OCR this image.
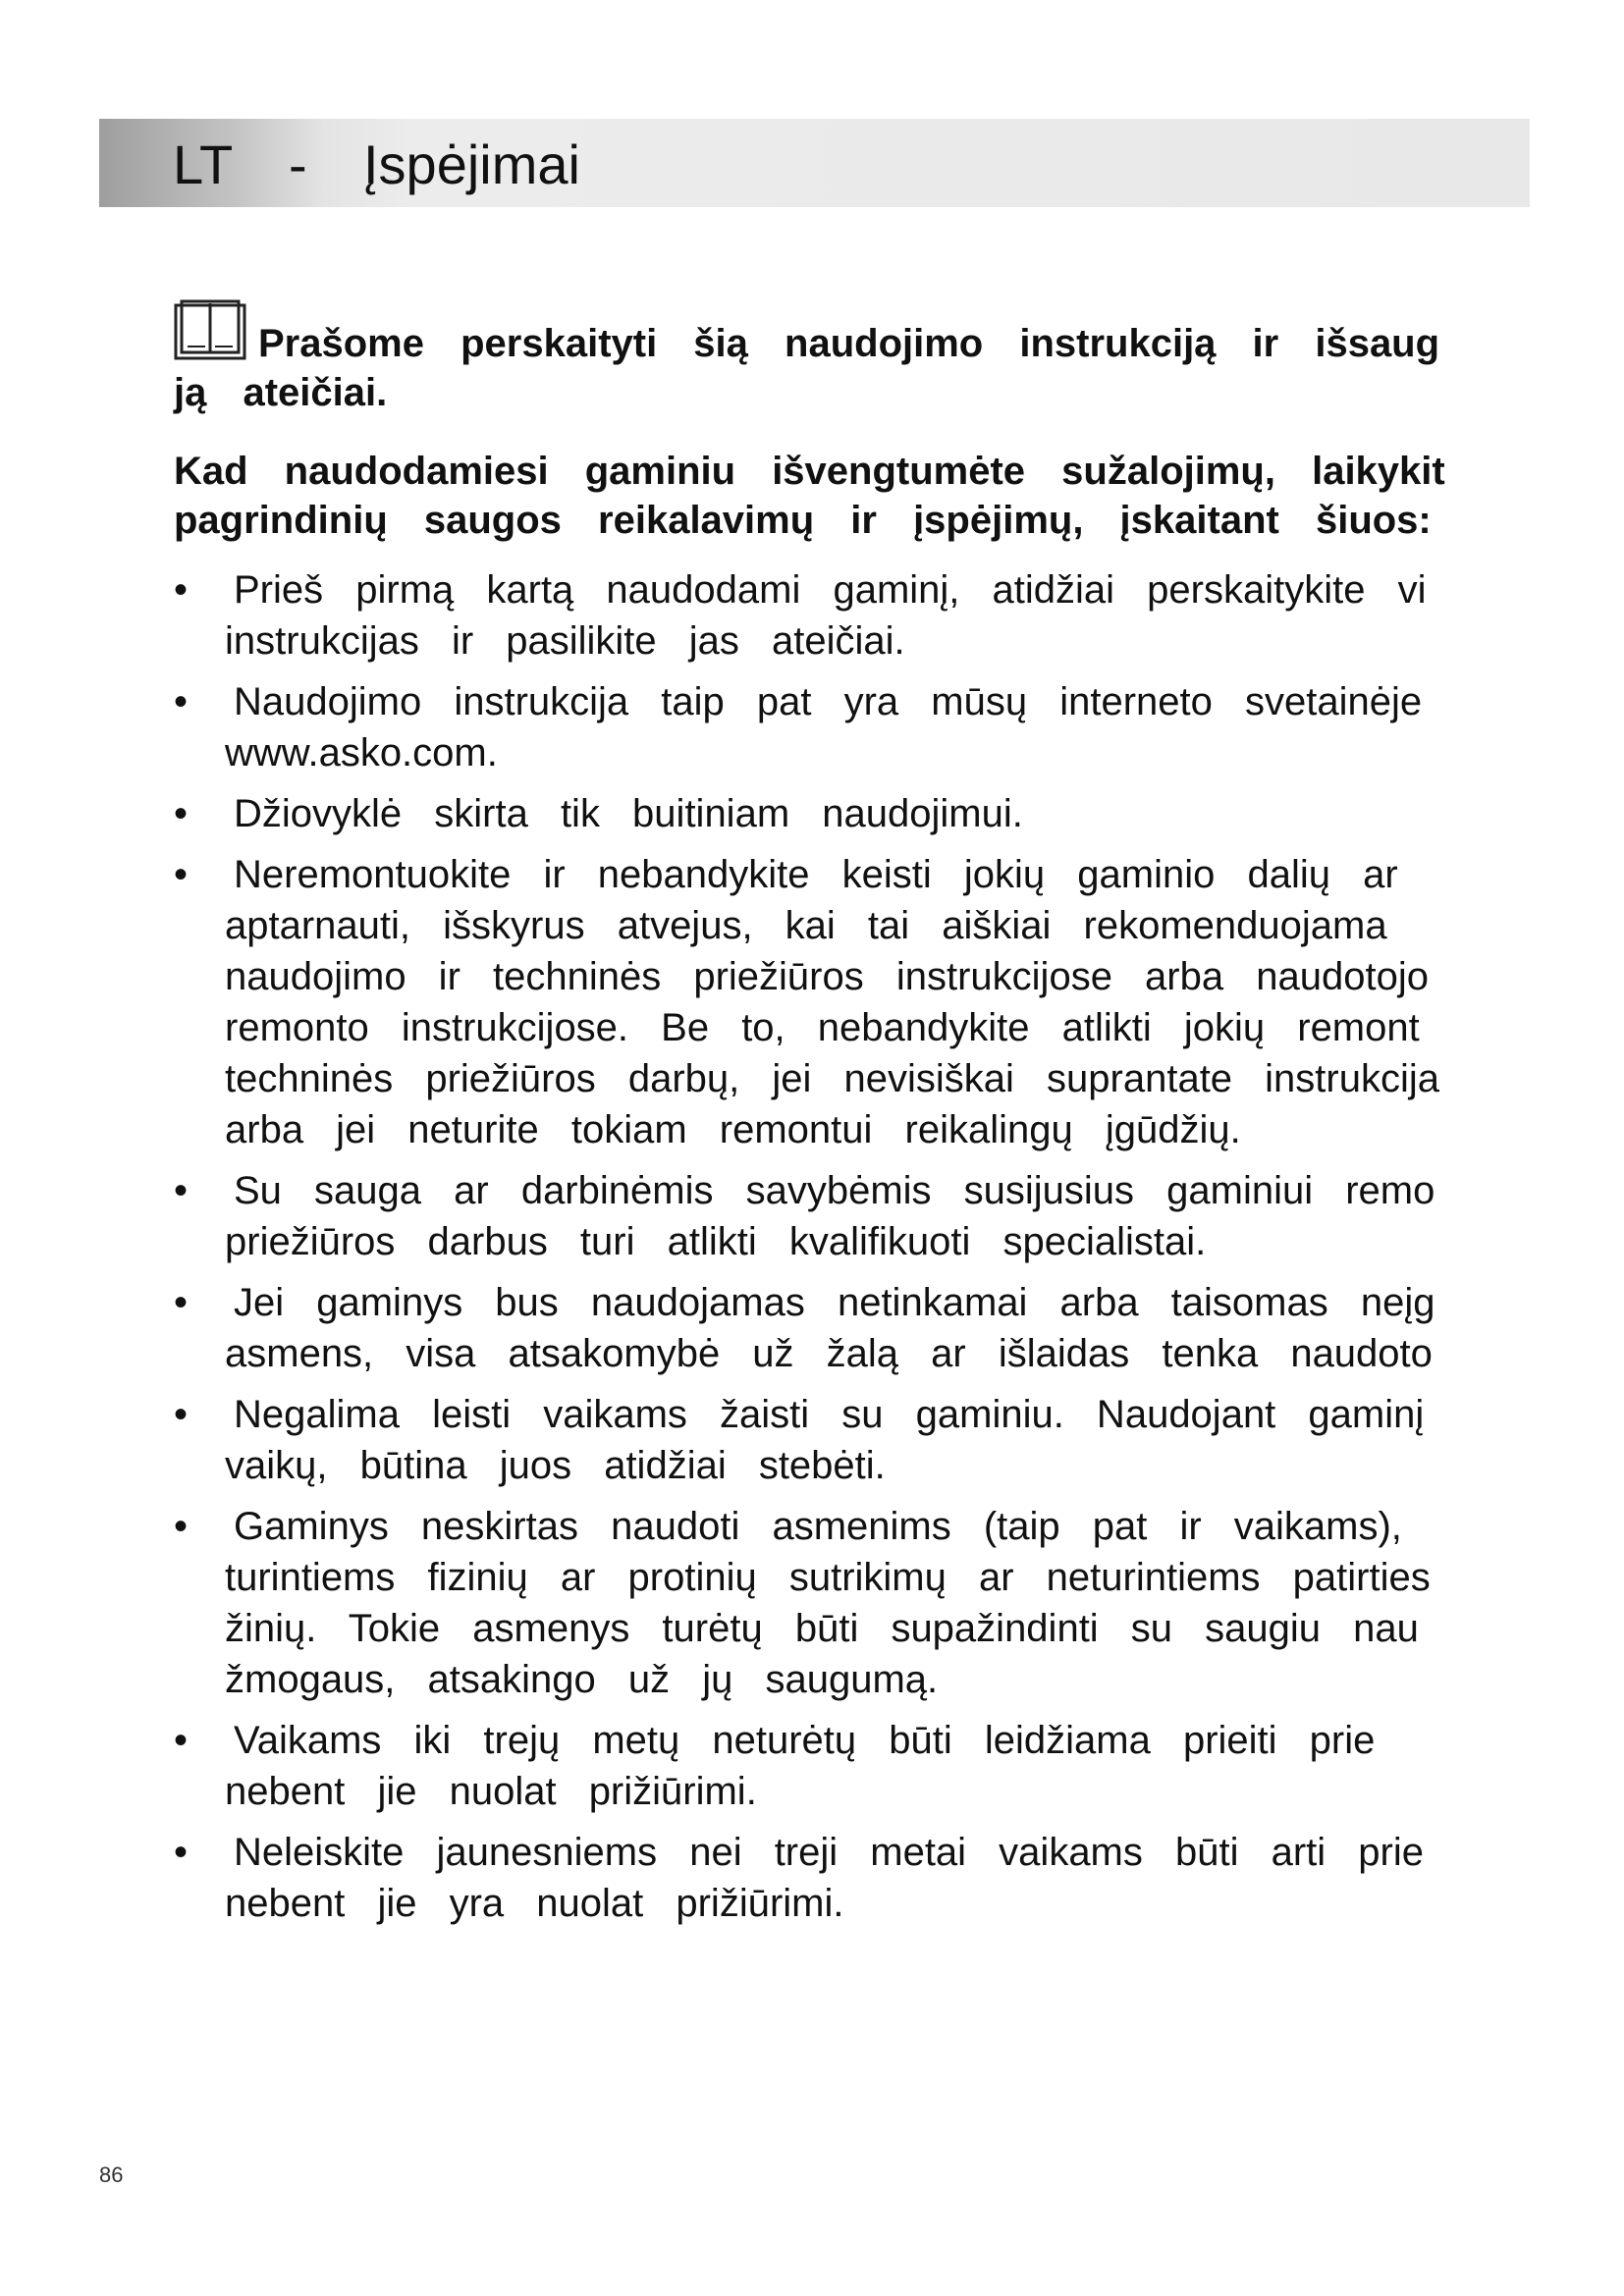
LT - Įspėjimai
Prašome perskaityti šią naudojimo instrukciją ir išsaug
ją ateičiai.
Kad naudodamiesi gaminiu išvengtumėte sužalojimų, laikykit
pagrindinių saugos reikalavimų ir įspėjimų, įskaitant šiuos:
• Prieš pirmą kartą naudodami gaminį, atidžiai perskaitykite vi
instrukcijas ir pasilikite jas ateičiai.
• Naudojimo instrukcija taip pat yra mūsų interneto svetainėje
www.asko.com.
• Džiovyklė skirta tik buitiniam naudojimui.
• Neremontuokite ir nebandykite keisti jokių gaminio dalių ar
aptarnauti, išskyrus atvejus, kai tai aiškiai rekomenduojama
naudojimo ir techninės priežiūros instrukcijose arba naudotojo
remonto instrukcijose. Be to, nebandykite atlikti jokių remont
techninės priežiūros darbų, jei nevisiškai suprantate instrukcija
arba jei neturite tokiam remontui reikalingų įgūdžių.
• Su sauga ar darbinėmis savybėmis susijusius gaminiui remo
priežiūros darbus turi atlikti kvalifikuoti specialistai.
• Jei gaminys bus naudojamas netinkamai arba taisomas neįg
asmens, visa atsakomybė už žalą ar išlaidas tenka naudoto
• Negalima leisti vaikams žaisti su gaminiu. Naudojant gaminį
vaikų, būtina juos atidžiai stebėti.
• Gaminys neskirtas naudoti asmenims (taip pat ir vaikams),
turintiems fizinių ar protinių sutrikimų ar neturintiems patirties
žinių. Tokie asmenys turėtų būti supažindinti su saugiu nau
žmogaus, atsakingo už jų saugumą.
• Vaikams iki trejų metų neturėtų būti leidžiama prieiti prie
nebent jie nuolat prižiūrimi.
• Neleiskite jaunesniems nei treji metai vaikams būti arti prie
nebent jie yra nuolat prižiūrimi.
86
